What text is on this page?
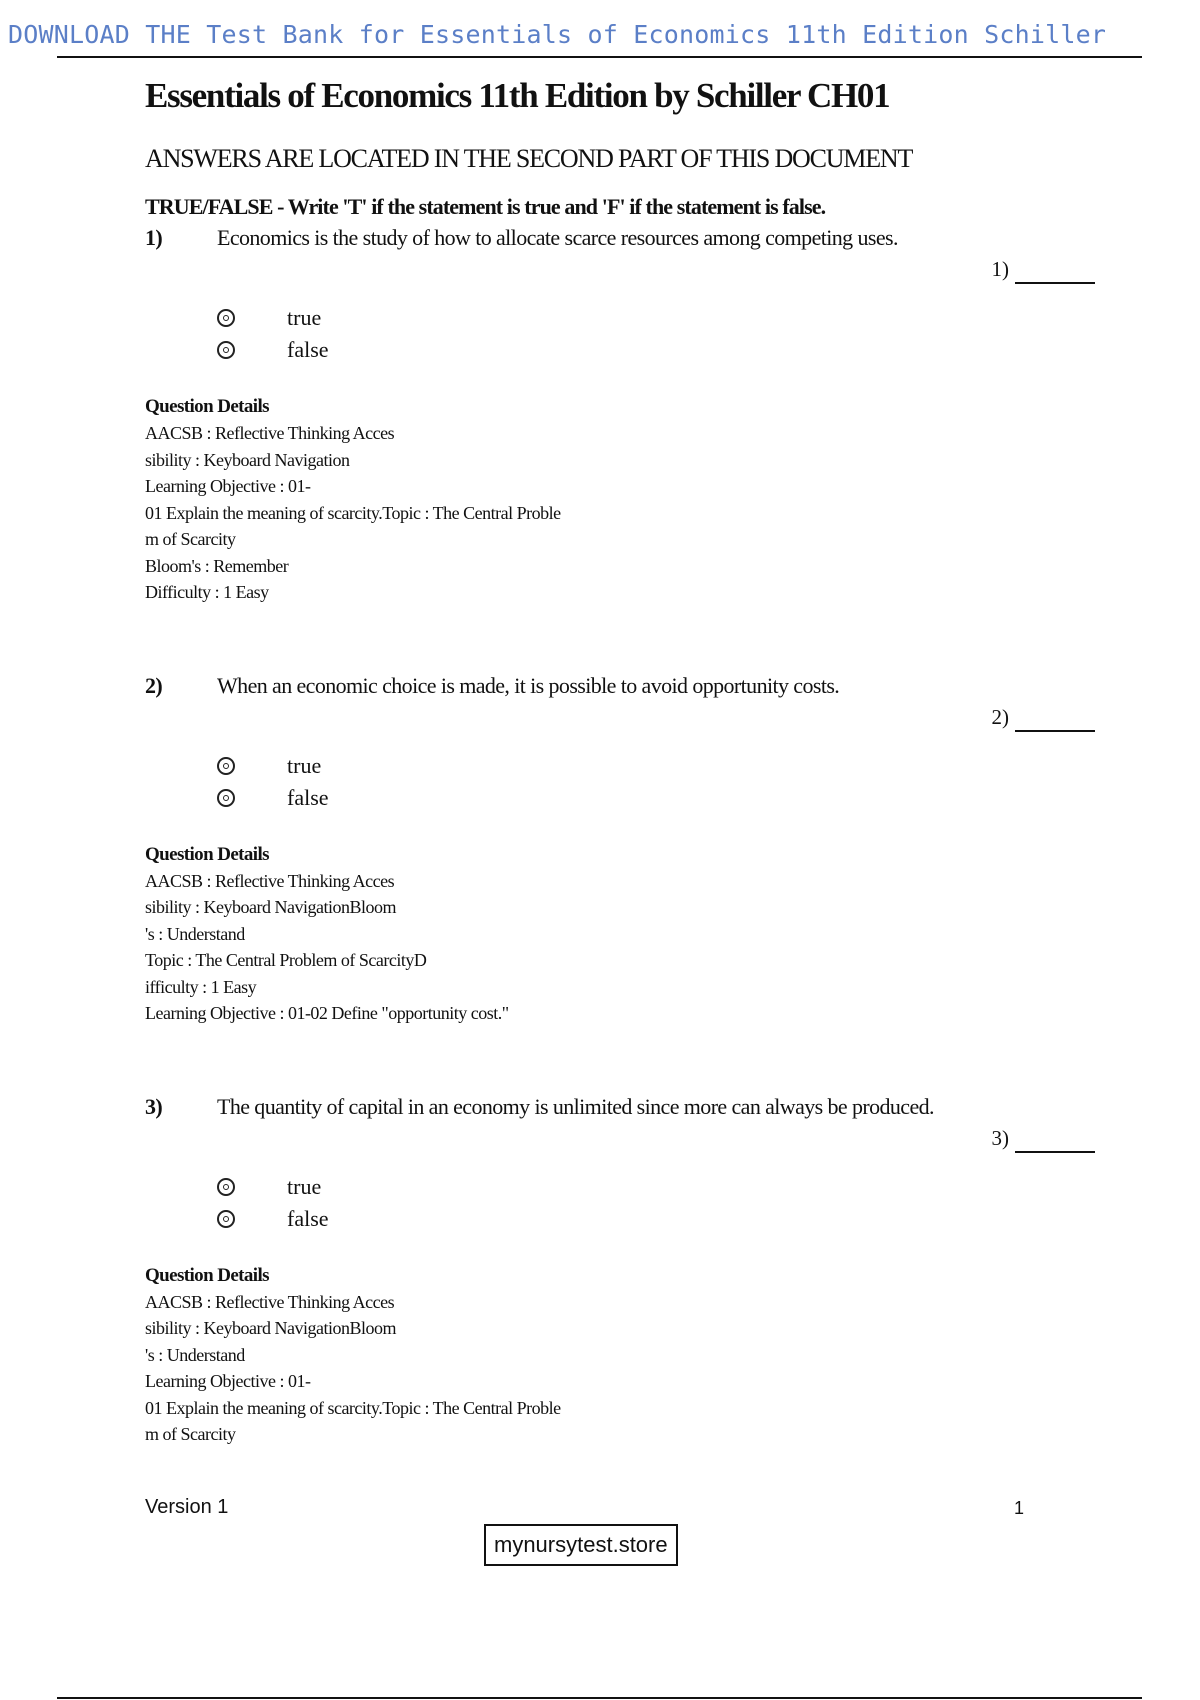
DOWNLOAD THE Test Bank for Essentials of Economics 11th Edition Schiller
Essentials of Economics 11th Edition by Schiller CH01
ANSWERS ARE LOCATED IN THE SECOND PART OF THIS DOCUMENT
TRUE/FALSE - Write 'T' if the statement is true and 'F' if the statement is false.
1)	Economics is the study of how to allocate scarce resources among competing uses.
1)
true
false
Question Details
AACSB : Reflective Thinking Acces
sibility : Keyboard Navigation
Learning Objective : 01-
01 Explain the meaning of scarcity.Topic : The Central Proble
m of Scarcity
Bloom's : Remember
Difficulty : 1 Easy
2)	When an economic choice is made, it is possible to avoid opportunity costs.
2)
true
false
Question Details
AACSB : Reflective Thinking Acces
sibility : Keyboard NavigationBloom
's : Understand
Topic : The Central Problem of ScarcityD
ifficulty : 1 Easy
Learning Objective : 01-02 Define "opportunity cost."
3)	The quantity of capital in an economy is unlimited since more can always be produced.
3)
true
false
Question Details
AACSB : Reflective Thinking Acces
sibility : Keyboard NavigationBloom
's : Understand
Learning Objective : 01-
01 Explain the meaning of scarcity.Topic : The Central Proble
m of Scarcity
Version 1	1
mynursytest.store
